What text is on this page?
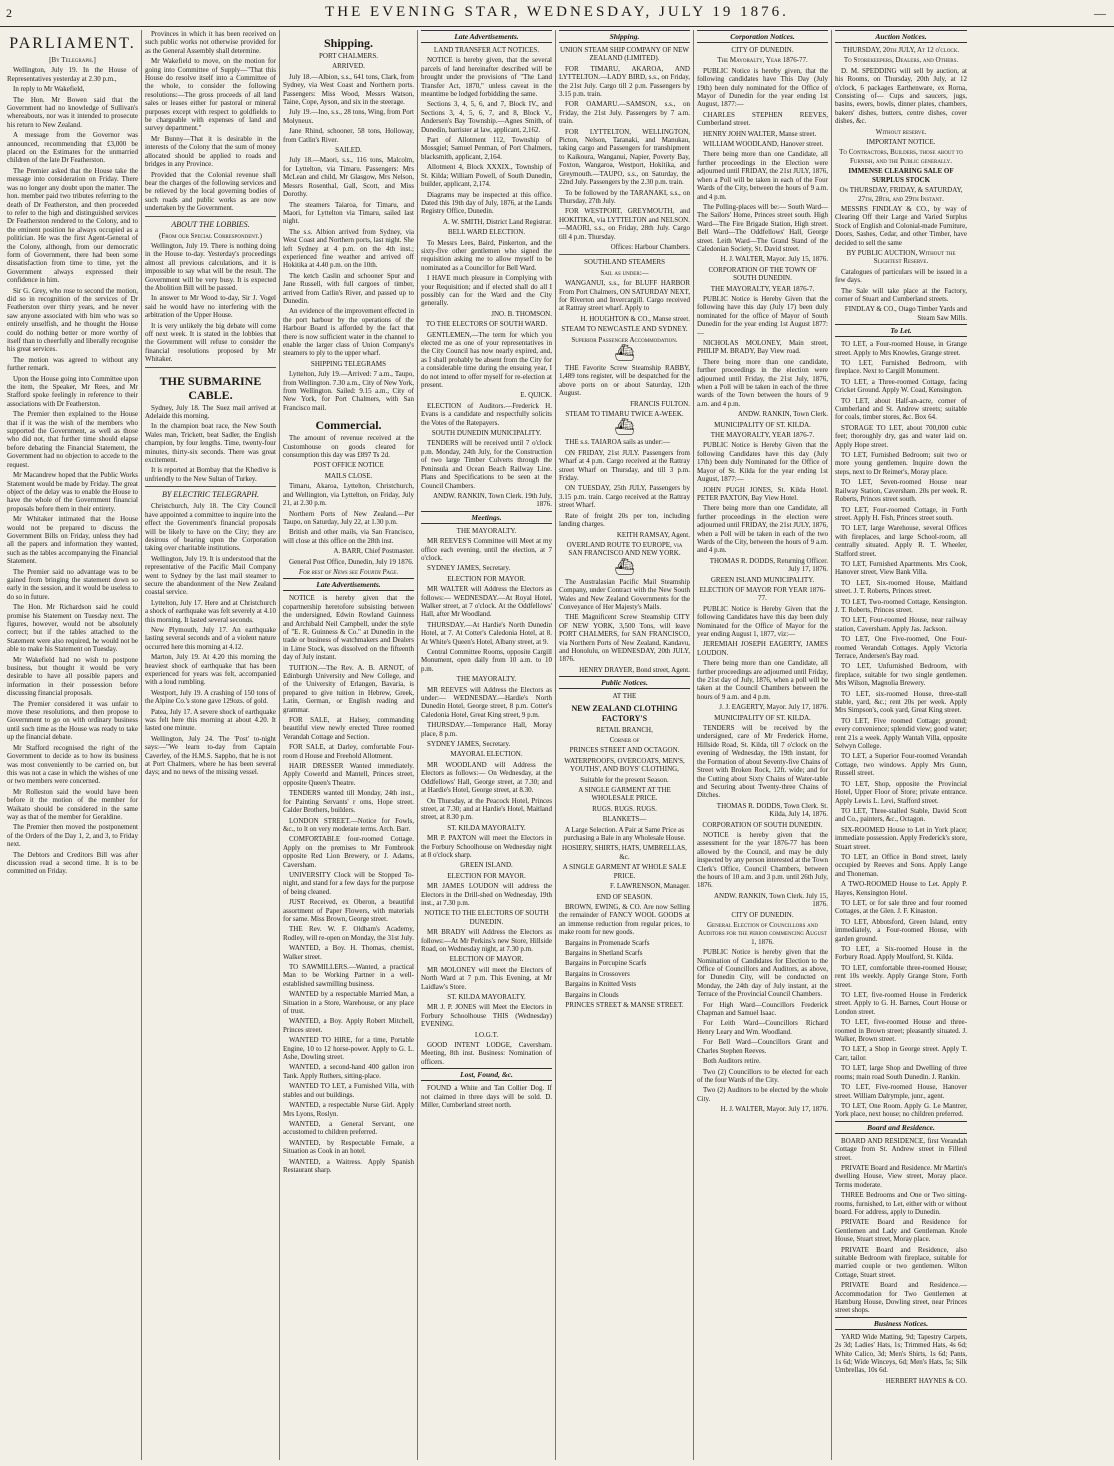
2	THE EVENING STAR, WEDNESDAY, JULY 19 1876.	—
PARLIAMENT.
[By Telegraph.]

Wellington, July 19. In the House of Representatives yesterday at 2.30 p.m.,

In reply to Mr Wakefield,

The Hon. Mr Bowen said that the Government had no knowledge of Sullivan's whereabouts, nor was it intended to prosecute his return to New Zealand.

A message from the Governor was announced, recommending that £3,000 be placed on the Estimates for the unmarried children of the late Dr Featherston.

The Premier asked that the House take the message into consideration on Friday. There was no longer any doubt upon the matter. The hon. member paid two tributes referring to the death of Dr Featherston, and then proceeded to refer to the high and distinguished services Dr Featherston rendered to the Colony, and to the eminent position he always occupied as a politician. He was the first Agent-General of the Colony, although, from our democratic form of Government, there had been some dissatisfaction from time to time, yet the Government always expressed their confidence in him.

Sir G. Grey, who rose to second the motion, did so in recognition of the services of Dr Featherston over thirty years, and he never saw anyone associated with him who was so entirely unselfish, and he thought the House could do nothing better or more worthy of itself than to cheerfully and liberally recognise his great services.

The motion was agreed to without any further remark.

Upon the House going into Committee upon the item, the Speaker, Mr Rees, and Mr Stafford spoke feelingly in reference to their associations with Dr Featherston.

The Premier then explained to the House that if it was the wish of the members who supported the Government, as well as those who did not, that further time should elapse before debating the Financial Statement, the Government had no objection to accede to the request.

Mr Macandrew hoped that the Public Works Statement would be made by Friday. The great object of the delay was to enable the House to have the whole of the Government financial proposals before them in their entirety.

Mr Whitaker intimated that the House would not be prepared to discuss the Government Bills on Friday, unless they had all the papers and information they wanted, such as the tables accompanying the Financial Statement.

The Premier said no advantage was to be gained from bringing the statement down so early in the session, and it would be useless to do so in future.

The Hon. Mr Richardson said he could promise his Statement on Tuesday next. The figures, however, would not be absolutely correct; but if the tables attached to the Statement were also required, he would not be able to make his Statement on Tuesday.

Mr Wakefield had no wish to postpone business, but thought it would be very desirable to have all possible papers and information in their possession before discussing financial proposals.

The Premier considered it was unfair to move these resolutions, and then propose to Government to go on with ordinary business until such time as the House was ready to take up the financial debate.

Mr Stafford recognised the right of the Government to decide as to how its business was most conveniently to be carried on, but this was not a case in which the wishes of one or two members were concerned.

Mr Rolleston said the would have been before it the motion of the member for Waikato should be considered in the same way as that of the member for Geraldine.

The Premier then moved the postponement of the Orders of the Day 1, 2, and 3, to Friday next.

The Debtors and Creditors Bill was after discussion read a second time. It is to be committed on Friday.

Provinces in which it has been received on such public works not otherwise provided for as the General Assembly shall determine.

Mr Wakefield to move, on the motion for going into Committee of Supply—"That this House do resolve itself into a Committee of the whole, to consider the following resolutions:—The gross proceeds of all land sales or leases either for pastoral or mineral purposes except with respect to goldfields to be chargeable with expenses of land and survey department."

Mr Bunny—That it is desirable in the interests of the Colony that the sum of money allocated should be applied to roads and bridges in any Province.

Provided that the Colonial revenue shall bear the charges of the following services and be relieved by the local governing bodies of such roads and public works as are now undertaken by the Government.

ABOUT THE LOBBIES.
(From our Special Correspondent.)

Wellington, July 19. There is nothing doing in the House to-day. Yesterday's proceedings almost all previous calculations, and it is impossible to say what will be the result. The Government will be very busy. It is expected the Abolition Bill will be passed.

In answer to Mr Wood to-day, Sir J. Vogel said he would have no interfering with the arbitration of the Upper House.

It is very unlikely the big debate will come off next week. It is stated in the lobbies that the Government will refuse to consider the financial resolutions proposed by Mr Whitaker.

THE SUBMARINE CABLE.

Sydney, July 18. The Suez mail arrived at Adelaide this morning.

In the champion boat race, the New South Wales man, Trickett, beat Sadler, the English champion, by four lengths. Time, twenty-four minutes, thirty-six seconds. There was great excitement.

It is reported at Bombay that the Khedive is unfriendly to the New Sultan of Turkey.

BY ELECTRIC TELEGRAPH.

Christchurch, July 18. The City Council have appointed a committee to inquire into the effect the Government's financial proposals will be likely to have on the City; they are desirous of bearing upon the Corporation taking over charitable institutions.

Wellington, July 19. It is understood that the representative of the Pacific Mail Company went to Sydney by the last mail steamer to secure the abandonment of the New Zealand coastal service.

Lyttelton, July 17. Here and at Christchurch a shock of earthquake was felt severely at 4.10 this morning. It lasted several seconds.

New Plymouth, July 17. An earthquake lasting several seconds and of a violent nature occurred here this morning at 4.12.

Marton, July 19. At 4.20 this morning the heaviest shock of earthquake that has been experienced for years was felt, accompanied with a loud rumbling.

Westport, July 19. A crashing of 150 tons of the Alpine Co.'s stone gave 129ozs. of gold.

Patea, July 17. A severe shock of earthquake was felt here this morning at about 4.20. It lasted one minute.

Wellington, July 24. The 'Post' to-night says:—"We learn to-day from Captain Caverley, of the H.M.S. Sappho, that he is not at Port Chalmers, where he has been several days; and no news of the missing vessel.

Shipping.
PORT CHALMERS.
ARRIVED.

July 18.—Albion, s.s., 641 tons, Clark, from Sydney, via West Coast and Northern ports. Passengers: Miss Wood, Messrs Watson, Taine, Cope, Ayson, and six in the steerage.

July 19.—Ino, s.s., 28 tons, Wing, from Port Molyneux.

Jane Rhind, schooner, 58 tons, Holloway, from Catlin's River.

SAILED.

July 18.—Maori, s.s., 116 tons, Malcolm, for Lyttelton, via Timaru. Passengers: Mrs McLean and child, Mr Glasgow, Mrs Nelson, Messrs Rosenthal, Gall, Scott, and Miss Dorothy.

The steamers Taiaroa, for Timaru, and Maori, for Lyttelton via Timaru, sailed last night.

The s.s. Albion arrived from Sydney, via West Coast and Northern ports, last night. She left Sydney at 4 p.m. on the 4th inst.; experienced fine weather and arrived off Hokitika at 4.40 p.m. on the 10th.

The ketch Caslin and schooner Spur and Jane Russell, with full cargoes of timber, arrived from Catlin's River, and passed up to Dunedin.

An evidence of the improvement effected in the port harbour by the operations of the Harbour Board is afforded by the fact that there is now sufficient water in the channel to enable the larger class of Union Company's steamers to ply to the upper wharf.

SHIPPING TELEGRAMS

Lyttelton, July 19.—Arrived: 7 a.m., Taupo, from Wellington. 7.30 a.m., City of New York, from Wellington. Sailed: 9.15 a.m., City of New York, for Port Chalmers, with San Francisco mail.

Commercial.

The amount of revenue received at the Customhouse on goods cleared for consumption this day was £897 Ts 2d.

POST OFFICE NOTICE
MAILS CLOSE.

Timaru, Akaroa, Lyttelton, Christchurch, and Wellington, via Lyttelton, on Friday, July 21, at 2.30 p.m.

Northern Ports of New Zealand.—Per Taupo, on Saturday, July 22, at 1.30 p.m.

British and other mails, via San Francisco, will close at this office on the 28th inst.

A. BARR, Chief Postmaster.

General Post Office, Dunedin, July 19 1876.

For rest of News see Fourth Page.
Late Advertisements.

NOTICE is hereby given that the copartnership heretofore subsisting between the undersigned, Edwin Rowland Guinness and Archibald Neil Campbell, under the style of "E. R. Guinness & Co." at Dunedin in the trade or business of watchmakers and Dealers in Lime Stock, was dissolved on the fifteenth day of July instant.

TUITION.—The Rev. A. B. ARNOT, of Edinburgh University and New College, and of the University of Erlangen, Bavaria, is prepared to give tuition in Hebrew, Greek, Latin, German, or English reading and grammar.

FOR SALE, at Halsey, commanding beautiful view newly erected Three roomed Verandah Cottage and Section.

FOR SALE, at Darley, comfortable Four-room d House and Freehold Allotment.

HAIR DRESSER Wanted immediately. Apply Cowerld and Mantell, Princes street, opposite Queen's Theatre.

TENDERS wanted till Monday, 24th inst., for Painting Servants' r oms, Hope street. Calder Brothers, builders.

LONDON STREET.—Notice for Fowls, &c., to lt on very moderate terms. Arch. Barr.

COMFORTABLE four-roomed Cottage. Apply on the premises to Mr Fombrook opposite Red Lion Brewery, or J. Adams, Caversham.

UNIVERSITY Clock will be Stopped To-night, and stand for a few days for the purpose of being cleaned.

JUST Received, ex Oberon, a beautiful assortment of Paper Flowers, with materials for same. Miss Brown, George street.

THE Rev. W. F. Oldham's Academy, Rodley, will re-open on Monday, the 31st July.

WANTED, a Boy. H. Thomas, chemist, Walker street.

TO SAWMILLERS.—Wanted, a practical Man to be Working Partner in a well-established sawmilling business.

WANTED by a respectable Married Man, a Situation in a Store, Warehouse, or any place of trust.

WANTED, a Boy. Apply Robert Mitchell, Princes street.

WANTED TO HIRE, for a time, Portable Engine, 10 to 12 horse-power. Apply to G. L. Ashe, Dowling street.

WANTED, a second-hand 400 gallon iron Tank. Apply Ruthers, sitting-place.

WANTED TO LET, a Furnished Villa, with stables and out buildings.

WANTED, a respectable Nurse Girl. Apply Mrs Lyons, Roslyn.

WANTED, a General Servant, one accustomed to children preferred.

WANTED, by Respectable Female, a Situation as Cook in an hotel.

WANTED, a Waitress. Apply Spanish Restaurant sharp.

Late Advertisements.
LAND TRANSFER ACT NOTICES.

NOTICE is hereby given, that the several parcels of land hereinafter described will be brought under the provisions of "The Land Transfer Act, 1870," unless caveat in the meantime be lodged forbidding the same.

Sections 3, 4, 5, 6, and 7, Block IV., and Sections 3, 4, 5, 6, 7, and 8, Block V., Andersen's Bay Township.—Agnes Smith, of Dunedin, barrister at law, applicant, 2,162.

Part of Allotment 112, Township of Mossgiel; Samuel Penman, of Port Chalmers, blacksmith, applicant, 2,164.

Allotment 4, Block XXXIX., Township of St. Kilda; William Powell, of South Dunedin, builder, applicant, 2,174.

Diagrams may be inspected at this office. Dated this 19th day of July, 1876, at the Lands Registry Office, Dunedin.

A. W. SMITH, District Land Registrar.

BELL WARD ELECTION.

To Messrs Lees, Baird, Pinkerton, and the sixty-five other gentlemen who signed the requisition asking me to allow myself to be nominated as a Councillor for Bell Ward.

I HAVE much pleasure in Complying with your Requisition; and if elected shall do all I possibly can for the Ward and the City generally.

JNO. B. THOMSON.

TO THE ELECTORS OF SOUTH WARD.

GENTLEMEN,—The term for which you elected me as one of your representatives in the City Council has now nearly expired, and, as I shall probably be absent from the City for a considerable time during the ensuing year, I do not intend to offer myself for re-election at present.

E. QUICK.

ELECTION of Auditors.—Frederick H. Evans is a candidate and respectfully solicits the Votes of the Ratepayers.

SOUTH DUNEDIN MUNICIPALITY.

TENDERS will be received until 7 o'clock p.m. Monday, 24th July, for the Construction of two large Timber Culverts through the Peninsula and Ocean Beach Railway Line. Plans and Specifications to be seen at the Council Chambers.

ANDW. RANKIN, Town Clerk. 19th July, 1876.

Meetings.
THE MAYORALTY.

MR REEVES'S Committee will Meet at my office each evening, until the election, at 7 o'clock.

SYDNEY JAMES, Secretary.

ELECTION FOR MAYOR.

MR WALTER will Address the Electors as follows:— WEDNESDAY.—At Royal Hotel, Walker street, at 7 o'clock. At the Oddfellows' Hall, after Mr Woodland.

THURSDAY.—At Hardie's North Dunedin Hotel, at 7. At Cotter's Caledonia Hotel, at 8. At White's Queen's Hotel, Albany street, at 9.

Central Committee Rooms, opposite Cargill Monument, open daily from 10 a.m. to 10 p.m.

THE MAYORALTY.

MR REEVES will Address the Electors as under:— WEDNESDAY.—Hardie's North Dunedin Hotel, George street, 8 p.m. Cotter's Caledonia Hotel, Great King street, 9 p.m.

THURSDAY.—Temperance Hall, Moray place, 8 p.m.

SYDNEY JAMES, Secretary.

MAYORAL ELECTION.

MR WOODLAND will Address the Electors as follows:— On Wednesday, at the Oddfellows' Hall, George street, at 7.30; and at Hardie's Hotel, George street, at 8.30.

On Thursday, at the Peacock Hotel, Princes street, at 7.30; and at Hardie's Hotel, Maitland street, at 8.30 p.m.

ST. KILDA MAYORALTY.

MR P. PAXTON will meet the Electors in the Forbury Schoolhouse on Wednesday night at 8 o'clock sharp.

GREEN ISLAND.
ELECTION FOR MAYOR.

MR JAMES LOUDON will address the Electors in the Drill-shed on Wednesday, 19th inst., at 7.30 p.m.

NOTICE TO THE ELECTORS OF SOUTH DUNEDIN.

MR BRADY will Address the Electors as follows:—At Mr Perkins's new Store, Hillside Road, on Wednesday night, at 7.30 p.m.

ELECTION OF MAYOR.

MR MOLONEY will meet the Electors of North Ward at 7 p.m. This Evening, at Mr Laidlaw's Store.

ST. KILDA MAYORALTY.

MR J. P. JONES will Meet the Electors in Forbury Schoolhouse THIS (Wednesday) EVENING.

I.O.G.T.

GOOD INTENT LODGE, Caversham. Meeting, 8th inst. Business: Nomination of officers.

Lost, Found, &c.

FOUND a White and Tan Collier Dog. If not claimed in three days will be sold. D. Miller, Cumberland street north.

Shipping.
UNION STEAM SHIP COMPANY OF NEW ZEALAND (LIMITED).

FOR TIMARU, AKAROA, AND LYTTELTON.—LADY BIRD, s.s., on Friday, the 21st July. Cargo till 2 p.m. Passengers by 3.15 p.m. train.

FOR OAMARU.—SAMSON, s.s., on Friday, the 21st July. Passengers by 7 a.m. train.

FOR LYTTELTON, WELLINGTON, Picton, Nelson, Taranaki, and Manukau, taking cargo and Passengers for transhipment to Kaikoura, Wanganui, Napier, Poverty Bay, Foxton, Wangaroa, Westport, Hokitika, and Greymouth.—TAUPO, s.s., on Saturday, the 22nd July. Passengers by the 2.30 p.m. train.

To be followed by the TARANAKI, s.s., on Thursday, 27th July.

FOR WESTPORT, GREYMOUTH, and HOKITIKA, via LYTTELTON and NELSON.—MAORI, s.s., on Friday, 28th July. Cargo till 4 p.m. Thursday.

Offices: Harbour Chambers.

SOUTHLAND STEAMERS
Sail as under:—

WANGANUI, s.s., for BLUFF HARBOR From Port Chalmers, ON SATURDAY NEXT, for Riverton and Invercargill. Cargo received at Rattray street wharf. Apply to

H. HOUGHTON & CO., Manse street.

STEAM TO NEWCASTLE AND SYDNEY.
Superior Passenger Accommodation.
⛴

THE Favorite Screw Steamship RABBY, 1,489 tons register, will be despatched for the above ports on or about Saturday, 12th August.

FRANCIS FULTON.

STEAM TO TIMARU TWICE A-WEEK.
⛴

THE s.s. TAIAROA sails as under:—

ON FRIDAY, 21st JULY. Passengers from Wharf at 4 p.m. Cargo received at the Rattray street Wharf on Thursday, and till 3 p.m. Friday.

ON TUESDAY, 25th JULY, Passengers by 3.15 p.m. train. Cargo received at the Rattray street Wharf.

Rate of freight 20s per ton, including landing charges.

KEITH RAMSAY, Agent.

OVERLAND ROUTE TO EUROPE, via SAN FRANCISCO AND NEW YORK.
⛴

The Australasian Pacific Mail Steamship Company, under Contract with the New South Wales and New Zealand Governments for the Conveyance of Her Majesty's Mails.

THE Magnificent Screw Steamship CITY OF NEW YORK, 3,500 Tons, will leave PORT CHALMERS, for SAN FRANCISCO, via Northern Ports of New Zealand, Kandavu, and Honolulu, on WEDNESDAY, 20th JULY, 1876.

HENRY DRAYER, Bond street, Agent.

Public Notices.
AT THE
NEW ZEALAND CLOTHING FACTORY'S
RETAIL BRANCH,
Corner of
PRINCES STREET AND OCTAGON.

WATERPROOFS, OVERCOATS, MEN'S, YOUTHS', AND BOYS' CLOTHING,

Suitable for the present Season.

A SINGLE GARMENT AT THE WHOLESALE PRICE.

RUGS. RUGS. RUGS.

BLANKETS—

A Large Selection. A Pair at Same Price as purchasing a Bale in any Wholesale House.

HOSIERY, SHIRTS, HATS, UMBRELLAS, &c.

A SINGLE GARMENT AT WHOLE SALE PRICE.

F. LAWRENSON, Manager.

END OF SEASON.

BROWN, EWING, & CO. Are now Selling the remainder of FANCY WOOL GOODS at an immense reduction from regular prices, to make room for new goods.

Bargains in Promenade Scarfs

Bargains in Shetland Scarfs

Bargains in Porcupine Scarfs

Bargains in Crossovers

Bargains in Knitted Vests

Bargains in Clouds

PRINCES STREET & MANSE STREET.
Corporation Notices.
CITY OF DUNEDIN.
The Mayoralty, Year 1876-77.

PUBLIC Notice is hereby given, that the following candidates have This Day (July 19th) been duly nominated for the Office of Mayor of Dunedin for the year ending 1st August, 1877:—

CHARLES STEPHEN REEVES, Cumberland street.

HENRY JOHN WALTER, Manse street.

WILLIAM WOODLAND, Hanover street.

There being more than one Candidate, all further proceedings in the Election were adjourned until FRIDAY, the 21st JULY, 1876, when a Poll will be taken in each of the Four Wards of the City, between the hours of 9 a.m. and 4 p.m.

The Polling-places will be:— South Ward—The Sailors' Home, Princes street south. High Ward—The Fire Brigade Station, High street. Bell Ward—The Oddfellows' Hall, George street. Leith Ward—The Grand Stand of the Caledonian Society, St. David street.

H. J. WALTER, Mayor. July 15, 1876.

CORPORATION OF THE TOWN OF SOUTH DUNEDIN.
THE MAYORALTY, YEAR 1876-7.

PUBLIC Notice is Hereby Given that the following have this day (July 17) been duly nominated for the office of Mayor of South Dunedin for the year ending 1st August 1877:—

NICHOLAS MOLONEY, Main street, PHILIP M. BRADY, Bay View road.

There being more than one candidate, further proceedings in the election were adjourned until Friday, the 21st July, 1876, when a Poll will be taken in each of the three wards of the Town between the hours of 9 a.m. and 4 p.m.

ANDW. RANKIN, Town Clerk.

MUNICIPALITY OF ST. KILDA.
THE MAYORALTY, YEAR 1876-7.

PUBLIC Notice is Hereby Given that the following Candidates have this day (July 17th) been duly Nominated for the Office of Mayor of St. Kilda for the year ending 1st August, 1877:—

JOHN PUGH JONES, St. Kilda Hotel. PETER PAXTON, Bay View Hotel.

There being more than one Candidate, all further proceedings in the election were adjourned until FRIDAY, the 21st JULY, 1876, when a Poll will be taken in each of the two Wards of the City, between the hours of 9 a.m. and 4 p.m.

THOMAS R. DODDS, Returning Officer. July 17, 1876.

GREEN ISLAND MUNICIPALITY.
ELECTION OF MAYOR FOR YEAR 1876-77.

PUBLIC Notice is Hereby Given that the following Candidates have this day been duly Nominated for the Office of Mayor for the year ending August 1, 1877, viz:—

JEREMIAH JOSEPH EAGERTY, JAMES LOUDON.

There being more than one Candidate, all further proceedings are adjourned until Friday, the 21st day of July, 1876, when a poll will be taken at the Council Chambers between the hours of 9 a.m. and 4 p.m.

J. J. EAGERTY, Mayor. July 17, 1876.

MUNICIPALITY OF ST. KILDA.

TENDERS will be received by the undersigned, care of Mr Frederick Horne, Hillside Road, St. Kilda, till 7 o'clock on the evening of Wednesday, the 19th instant, for the Formation of about Seventy-five Chains of Street with Broken Rock, 12ft. wide; and for the Cutting about Sixty Chains of Water-table and Securing about Twenty-three Chains of Ditches.

THOMAS R. DODDS, Town Clerk. St. Kilda, July 14, 1876.

CORPORATION OF SOUTH DUNEDIN.

NOTICE is hereby given that the assessment for the year 1876-77 has been allowed by the Council, and may be duly inspected by any person interested at the Town Clerk's Office, Council Chambers, between the hours of 10 a.m. and 3 p.m. until 26th July, 1876.

ANDW. RANKIN, Town Clerk. July 15, 1876.

CITY OF DUNEDIN.
General Election of Councillors and Auditors for the period commencing August 1, 1876.

PUBLIC Notice is hereby given that the Nomination of Candidates for Election to the Office of Councillors and Auditors, as above, for Dunedin City, will be conducted on Monday, the 24th day of July instant, at the Terrace of the Provincial Council Chambers.

For High Ward—Councillors Frederick Chapman and Samuel Isaac.

For Leith Ward—Councillors Richard Henry Leary and Wm. Woodland.

For Bell Ward—Councillors Grant and Charles Stephen Reeves.

Both Auditors retire.

Two (2) Councillors to be elected for each of the four Wards of the City.

Two (2) Auditors to be elected by the whole City.

H. J. WALTER, Mayor. July 17, 1876.

Auction Notices.
THURSDAY, 20th JULY, At 12 o'clock.
To Storekeepers, Dealers, and Others.

D. M. SPEDDING will sell by auction, at his Rooms, on Thursday, 20th July, at 12 o'clock, 6 packages Earthenware, ex Rorna, Consisting of— Cups and saucers, jugs, basins, ewers, bowls, dinner plates, chambers, bakers' dishes, butters, centre dishes, cover dishes, &c.

Without reserve.
IMPORTANT NOTICE.
To Contractors, Builders, those about to Furnish, and the Public generally.
IMMENSE CLEARING SALE OF SURPLUS STOCK
On THURSDAY, FRIDAY, & SATURDAY, 27th, 28th, and 29th Instant.

MESSRS FINDLAY & CO., by way of Clearing Off their Large and Varied Surplus Stock of English and Colonial-made Furniture, Doors, Sashes, Cedar, and other Timber, have decided to sell the same

BY PUBLIC AUCTION, Without the Slightest Reserve.

Catalogues of particulars will be issued in a few days.

The Sale will take place at the Factory, corner of Stuart and Cumberland streets.

FINDLAY & CO., Otago Timber Yards and Steam Saw Mills.

To Let.

TO LET, a Four-roomed House, in Grange street. Apply to Mrs Knowles, Grange street.

TO LET, Furnished Bedroom, with fireplace. Next to Cargill Monument.

TO LET, a Three-roomed Cottage, facing Cricket Ground. Apply W. Coad, Kensington.

TO LET, about Half-an-acre, corner of Cumberland and St. Andrew streets; suitable for coals, timber stores, &c. Box 64.

STORAGE TO LET, about 700,000 cubic feet; thoroughly dry, gas and water laid on. Apply Hope street.

TO LET, Furnished Bedroom; suit two or more young gentlemen. Inquire down the steps, next to Dr Reimer's, Moray place.

TO LET, Seven-roomed House near Railway Station, Caversham. 20s per week. R. Roberts, Princes street south.

TO LET, Four-roomed Cottage, in Forth street. Apply H. Fish, Princes street south.

TO LET, large Warehouse, several Offices with fireplaces, and large School-room, all centrally situated. Apply R. T. Wheeler, Stafford street.

TO LET, Furnished Apartments. Mrs Cook, Hanover street, View Bank Villa.

TO LET, Six-roomed House, Maitland street. J. T. Roberts, Princes street.

TO LET, Two-roomed Cottage, Kensington. J. T. Roberts, Princes street.

TO LET, Four-roomed House, near railway station, Caversham. Apply Jas. Jackson.

TO LET, One Five-roomed, One Four-roomed Verandah Cottages. Apply Victoria Terrace, Andersen's Bay road.

TO LET, Unfurnished Bedroom, with fireplace, suitable for two single gentlemen. Mrs Wilson, Magnolia Brewery.

TO LET, six-roomed House, three-stall stable, yard, &c.; rent 20s per week. Apply Mrs Simpson's, cook yard, Great King street.

TO LET, Five roomed Cottage; ground; every convenience; splendid view; good water; rent 21s a week. Apply Wantah Villa, opposite Selwyn College.

TO LET, a Superior Four-roomed Verandah Cottage, two windows. Apply Mrs Gunn, Russell street.

TO LET, Shop, opposite the Provincial Hotel, Upper Floor of Store; private entrance. Apply Lewis L. Levi, Stafford street.

TO LET, Three-stalled Stable, David Scott and Co., painters, &c., Octagon.

SIX-ROOMED House to Let in York place; immediate possession. Apply Frederick's store, Stuart street.

TO LET, an Office in Bond street, lately occupied by Reeves and Sons. Apply Lange and Thoneman.

A TWO-ROOMED House to Let. Apply P. Hayes, Kensington Hotel.

TO LET, or for sale three and four roomed Cottages, at the Glen. J. F. Kinaston.

TO LET, Abbotsford, Green Island, entry immediately, a Four-roomed House, with garden ground.

TO LET, a Six-roomed House in the Forbury Road. Apply Moulford, St. Kilda.

TO LET, comfortable three-roomed House; rent 10s weekly. Apply Grange Store, Forth street.

TO LET, five-roomed House in Frederick street. Apply to G. H. Barnes, Court House or London street.

TO LET, five-roomed House and three-roomed in Brown street; pleasantly situated. J. Walker, Brown street.

TO LET, a Shop in George street. Apply T. Carr, tailor.

TO LET, large Shop and Dwelling of three rooms; main road South Dunedin. J. Rankin.

TO LET, Five-roomed House, Hanover street. William Dalrymple, junr., agent.

TO LET, One Room. Apply G. Le Mantrer, York place, next house; no children preferred.

Board and Residence.

BOARD AND RESIDENCE, first Verandah Cottage from St. Andrew street in Filleul street.

PRIVATE Board and Residence. Mr Martin's dwelling House, View street, Moray place. Terms moderate.

THREE Bedrooms and One or Two sitting-rooms, furnished, to Let, either with or without board. For address, apply to Dunedin.

PRIVATE Board and Residence for Gentlemen and Lady and Gentleman. Knole House, Stuart street, Moray place.

PRIVATE Board and Residence, also suitable Bedroom with fireplace, suitable for married couple or two gentlemen. Wilton Cottage, Stuart street.

PRIVATE Board and Residence.—Accommodation for Two Gentlemen at Hamburg House, Dowling street, near Princes street shops.

Business Notices.

YARD Wide Matting, 9d; Tapestry Carpets, 2s 3d; Ladies' Hats, 1s; Trimmed Hats, 4s 6d; White Calico, 3d; Men's Shirts, 1s 6d; Pants, 1s 6d; Wide Winceys, 6d; Men's Hats, 5s; Silk Umbrellas, 10s 6d.

HERBERT HAYNES & CO.
